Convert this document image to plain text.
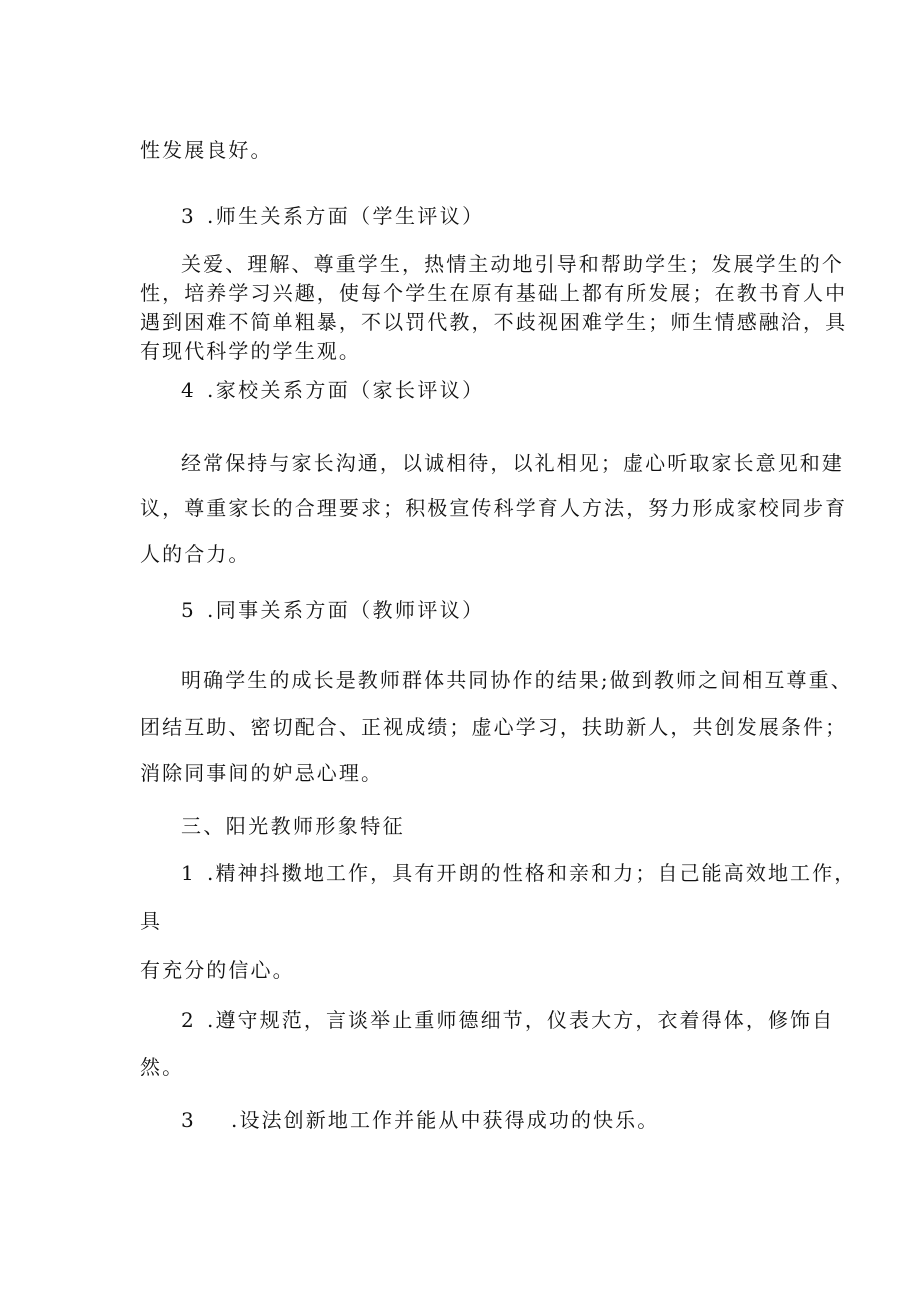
性发展良好。
3 .师生关系方面（学生评议）
关爱、理解、尊重学生，热情主动地引导和帮助学生；发展学生的个
性，培养学习兴趣，使每个学生在原有基础上都有所发展；在教书育人中
遇到困难不简单粗暴，不以罚代教，不歧视困难学生；师生情感融洽，具
有现代科学的学生观。
4 .家校关系方面（家长评议）
经常保持与家长沟通，以诚相待，以礼相见；虚心听取家长意见和建
议，尊重家长的合理要求；积极宣传科学育人方法，努力形成家校同步育
人的合力。
5 .同事关系方面（教师评议）
明确学生的成长是教师群体共同协作的结果;做到教师之间相互尊重、
团结互助、密切配合、正视成绩；虚心学习，扶助新人，共创发展条件；
消除同事间的妒忌心理。
三、阳光教师形象特征
1 .精神抖擞地工作，具有开朗的性格和亲和力；自己能高效地工作，
具
有充分的信心。
2 .遵守规范，言谈举止重师德细节，仪表大方，衣着得体，修饰自
然。
3 .设法创新地工作并能从中获得成功的快乐。
